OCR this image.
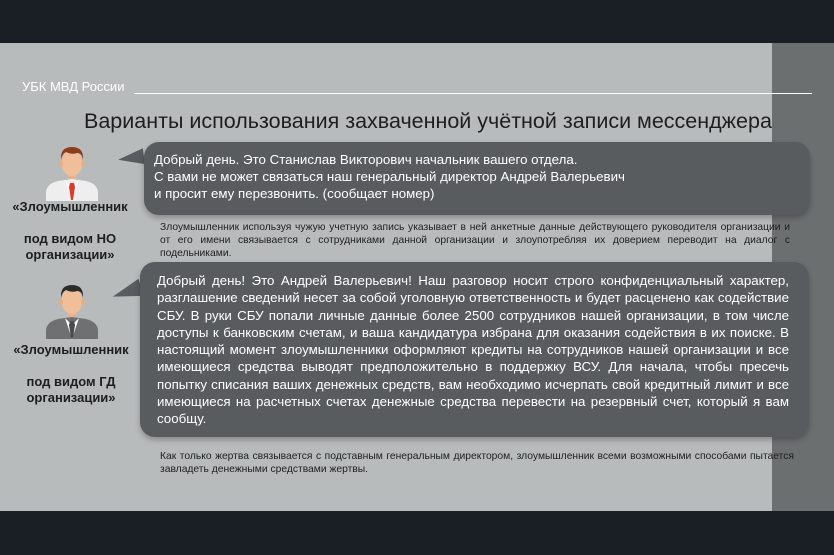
УБК МВД России
Варианты использования захваченной учётной записи мессенджера
«Злоумышленник
под видом НО
организации»
«Злоумышленник
под видом ГД
организации»
Добрый день. Это Станислав Викторович начальник вашего отдела.
С вами не может связаться наш генеральный директор Андрей Валерьевич
и просит ему перезвонить. (сообщает номер)
Злоумышленник используя чужую учетную запись указывает в ней анкетные данные действующего руководителя организации и от его имени связывается с сотрудниками данной организации и злоупотребляя их доверием переводит на диалог с подельниками.
Добрый день! Это Андрей Валерьевич! Наш разговор носит строго конфиденциальный характер, разглашение сведений несет за собой уголовную ответственность и будет расценено как содействие СБУ. В руки СБУ попали личные данные более 2500 сотрудников нашей организации, в том числе доступы к банковским счетам, и ваша кандидатура избрана для оказания содействия в их поиске. В настоящий момент злоумышленники оформляют кредиты на сотрудников нашей организации и все имеющиеся средства выводят предположительно в поддержку ВСУ. Для начала, чтобы пресечь попытку списания ваших денежных средств, вам необходимо исчерпать свой кредитный лимит и все имеющиеся на расчетных счетах денежные средства перевести на резервный счет, который я вам сообщу.
Как только жертва связывается с подставным генеральным директором, злоумышленник всеми возможными способами пытается завладеть денежными средствами жертвы.
